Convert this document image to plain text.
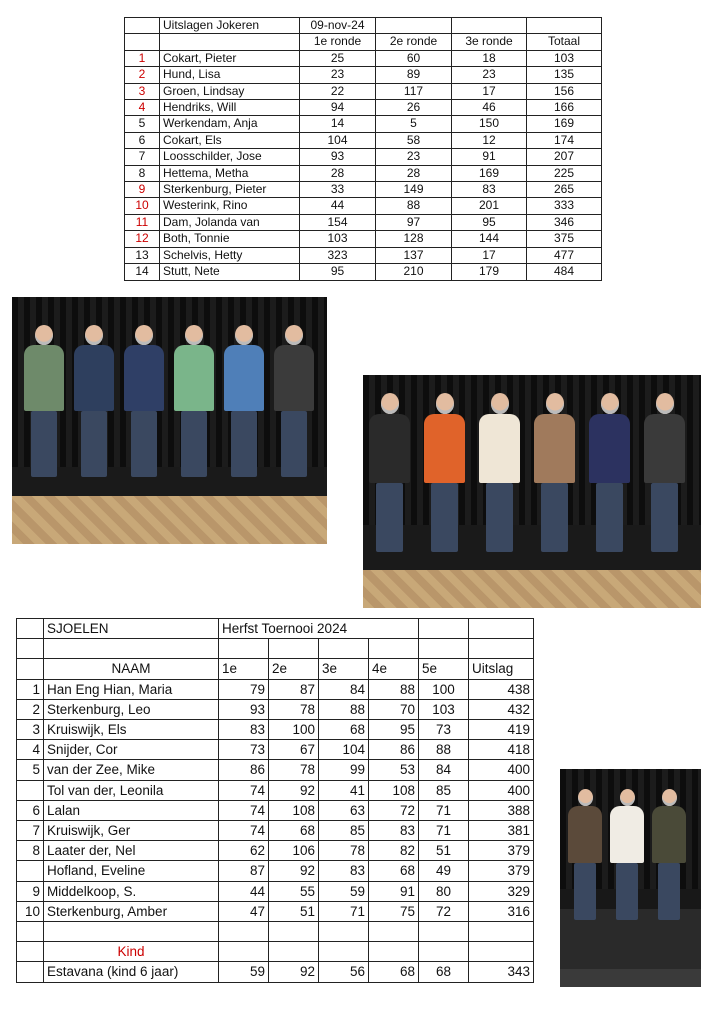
	Uitslagen Jokeren	09-nov-24			
		1e ronde	2e ronde	3e ronde	Totaal
1	Cokart, Pieter	25	60	18	103
2	Hund, Lisa	23	89	23	135
3	Groen, Lindsay	22	117	17	156
4	Hendriks, Will	94	26	46	166
5	Werkendam, Anja	14	5	150	169
6	Cokart, Els	104	58	12	174
7	Loosschilder, Jose	93	23	91	207
8	Hettema, Metha	28	28	169	225
9	Sterkenburg, Pieter	33	149	83	265
10	Westerink, Rino	44	88	201	333
11	Dam, Jolanda van	154	97	95	346
12	Both, Tonnie	103	128	144	375
13	Schelvis, Hetty	323	137	17	477
14	Stutt, Nete	95	210	179	484
	SJOELEN	Herfst Toernooi 2024					

	NAAM	1e	2e	3e	4e	5e	Uitslag
1	Han Eng Hian, Maria	79	87	84	88	100	438
2	Sterkenburg, Leo	93	78	88	70	103	432
3	Kruiswijk, Els	83	100	68	95	73	419
4	Snijder, Cor	73	67	104	86	88	418
5	van der Zee, Mike	86	78	99	53	84	400
	Tol van der, Leonila	74	92	41	108	85	400
6	Lalan	74	108	63	72	71	388
7	Kruiswijk, Ger	74	68	85	83	71	381
8	Laater der, Nel	62	106	78	82	51	379
	Hofland, Eveline	87	92	83	68	49	379
9	Middelkoop, S.	44	55	59	91	80	329
10	Sterkenburg, Amber	47	51	71	75	72	316

	Kind						
	Estavana (kind 6 jaar)	59	92	56	68	68	343
